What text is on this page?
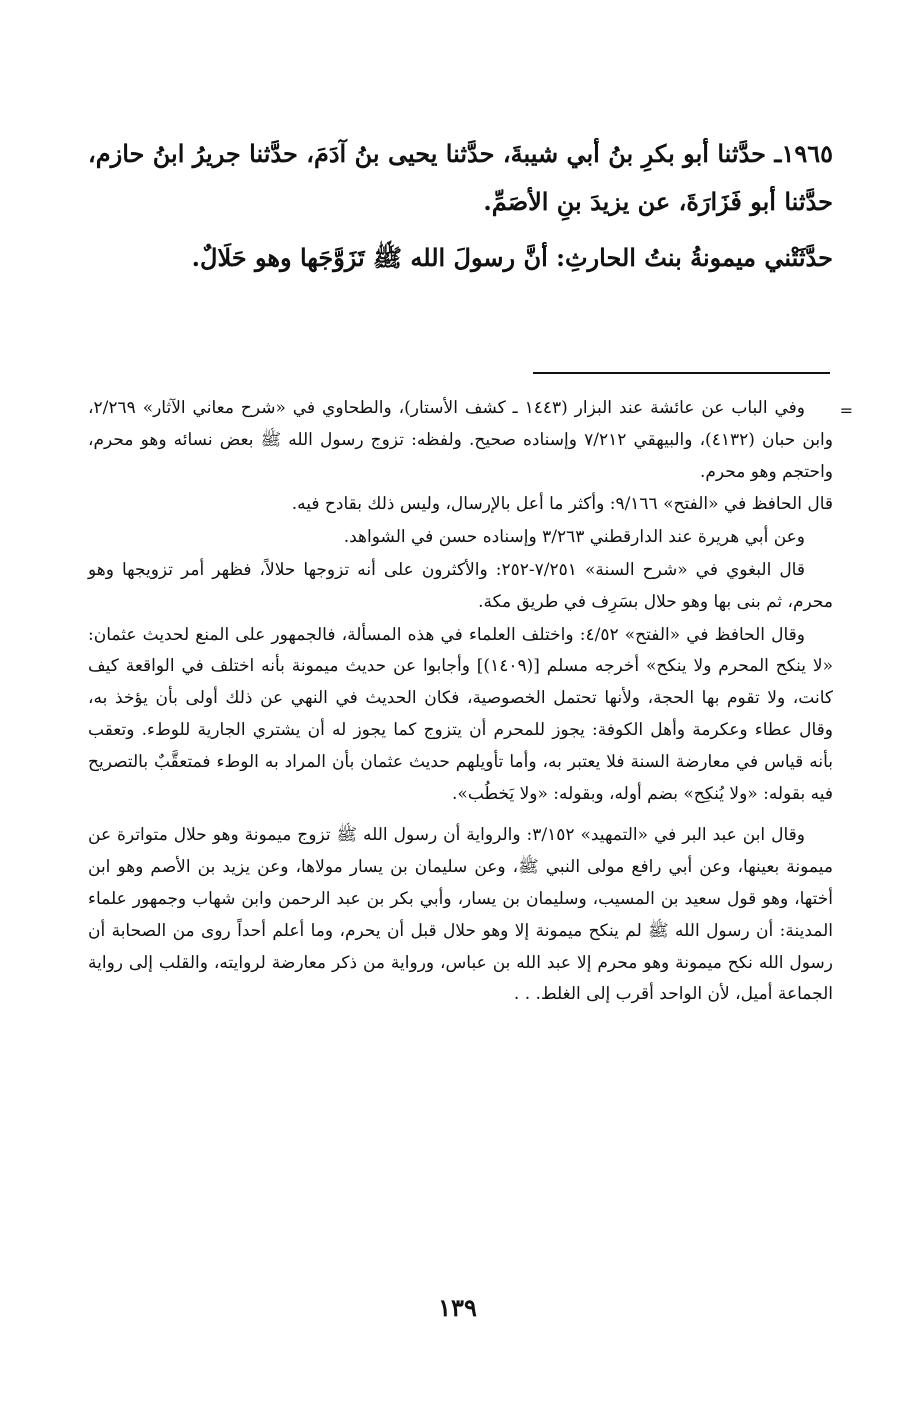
١٩٦٥ـ حدَّثنا أبو بكرِ بنُ أبي شيبةَ، حدَّثنا يحيى بنُ آدَمَ، حدَّثنا جريرُ ابنُ حازم، حدَّثنا أبو فَزَارَةَ، عن يزيدَ بنِ الأصَمِّ.

حدَّثَتْني ميمونةُ بنتُ الحارثِ: أنَّ رسولَ الله ﷺ تَزَوَّجَها وهو حَلَالٌ.

=

وفي الباب عن عائشة عند البزار (١٤٤٣ ـ كشف الأستار)، والطحاوي في «شرح معاني الآثار» ٢/٢٦٩، وابن حبان (٤١٣٢)، والبيهقي ٧/٢١٢ وإسناده صحيح. ولفظه: تزوج رسول الله ﷺ بعض نسائه وهو محرم، واحتجم وهو محرم.

قال الحافظ في «الفتح» ٩/١٦٦: وأكثر ما أعل بالإرسال، وليس ذلك بقادح فيه.

وعن أبي هريرة عند الدارقطني ٣/٢٦٣ وإسناده حسن في الشواهد.

قال البغوي في «شرح السنة» ٧/٢٥١-٢٥٢: والأكثرون على أنه تزوجها حلالاً، فظهر أمر تزويجها وهو محرم، ثم بنى بها وهو حلال بسَرِف في طريق مكة.

وقال الحافظ في «الفتح» ٤/٥٢: واختلف العلماء في هذه المسألة، فالجمهور على المنع لحديث عثمان: «لا ينكح المحرم ولا ينكح» أخرجه مسلم [(١٤٠٩)] وأجابوا عن حديث ميمونة بأنه اختلف في الواقعة كيف كانت، ولا تقوم بها الحجة، ولأنها تحتمل الخصوصية، فكان الحديث في النهي عن ذلك أولى بأن يؤخذ به، وقال عطاء وعكرمة وأهل الكوفة: يجوز للمحرم أن يتزوج كما يجوز له أن يشتري الجارية للوطء. وتعقب بأنه قياس في معارضة السنة فلا يعتبر به، وأما تأويلهم حديث عثمان بأن المراد به الوطء فمتعقَّبٌ بالتصريح فيه بقوله: «ولا يُنكِح» بضم أوله، وبقوله: «ولا يَخطُب».

وقال ابن عبد البر في «التمهيد» ٣/١٥٢: والرواية أن رسول الله ﷺ تزوج ميمونة وهو حلال متواترة عن ميمونة بعينها، وعن أبي رافع مولى النبي ﷺ، وعن سليمان بن يسار مولاها، وعن يزيد بن الأصم وهو ابن أختها، وهو قول سعيد بن المسيب، وسليمان بن يسار، وأبي بكر بن عبد الرحمن وابن شهاب وجمهور علماء المدينة: أن رسول الله ﷺ لم ينكح ميمونة إلا وهو حلال قبل أن يحرم، وما أعلم أحداً روى من الصحابة أن رسول الله نكح ميمونة وهو محرم إلا عبد الله بن عباس، ورواية من ذكر معارضة لروايته، والقلب إلى رواية الجماعة أميل، لأن الواحد أقرب إلى الغلط. . .

١٣٩
